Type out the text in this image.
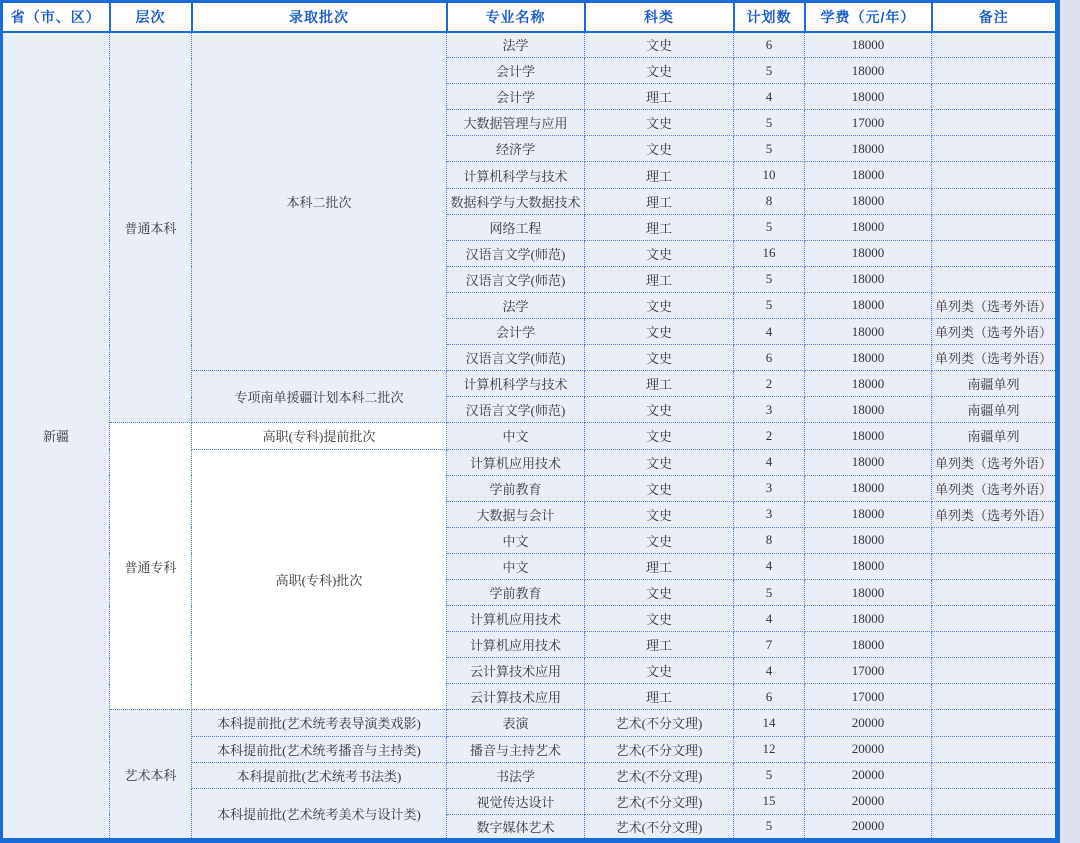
省（市、区）	层次	录取批次	专业名称	科类	计划数	学费（元/年）	备注
新疆	普通本科	本科二批次	法学	文史	6	18000	
			会计学	文史	5	18000	
			会计学	理工	4	18000	
			大数据管理与应用	文史	5	17000	
			经济学	文史	5	18000	
			计算机科学与技术	理工	10	18000	
			数据科学与大数据技术	理工	8	18000	
			网络工程	理工	5	18000	
			汉语言文学(师范)	文史	16	18000	
			汉语言文学(师范)	理工	5	18000	
			法学	文史	5	18000	单列类（选考外语）
			会计学	文史	4	18000	单列类（选考外语）
			汉语言文学(师范)	文史	6	18000	单列类（选考外语）
		专项南单援疆计划本科二批次	计算机科学与技术	理工	2	18000	南疆单列
			汉语言文学(师范)	文史	3	18000	南疆单列
	普通专科	高职(专科)提前批次	中文	文史	2	18000	南疆单列
		高职(专科)批次	计算机应用技术	文史	4	18000	单列类（选考外语）
			学前教育	文史	3	18000	单列类（选考外语）
			大数据与会计	文史	3	18000	单列类（选考外语）
			中文	文史	8	18000	
			中文	理工	4	18000	
			学前教育	文史	5	18000	
			计算机应用技术	文史	4	18000	
			计算机应用技术	理工	7	18000	
			云计算技术应用	文史	4	17000	
			云计算技术应用	理工	6	17000	
	艺术本科	本科提前批(艺术统考表导演类戏影)	表演	艺术(不分文理)	14	20000	
		本科提前批(艺术统考播音与主持类)	播音与主持艺术	艺术(不分文理)	12	20000	
		本科提前批(艺术统考书法类)	书法学	艺术(不分文理)	5	20000	
		本科提前批(艺术统考美术与设计类)	视觉传达设计	艺术(不分文理)	15	20000	
			数字媒体艺术	艺术(不分文理)	5	20000	
